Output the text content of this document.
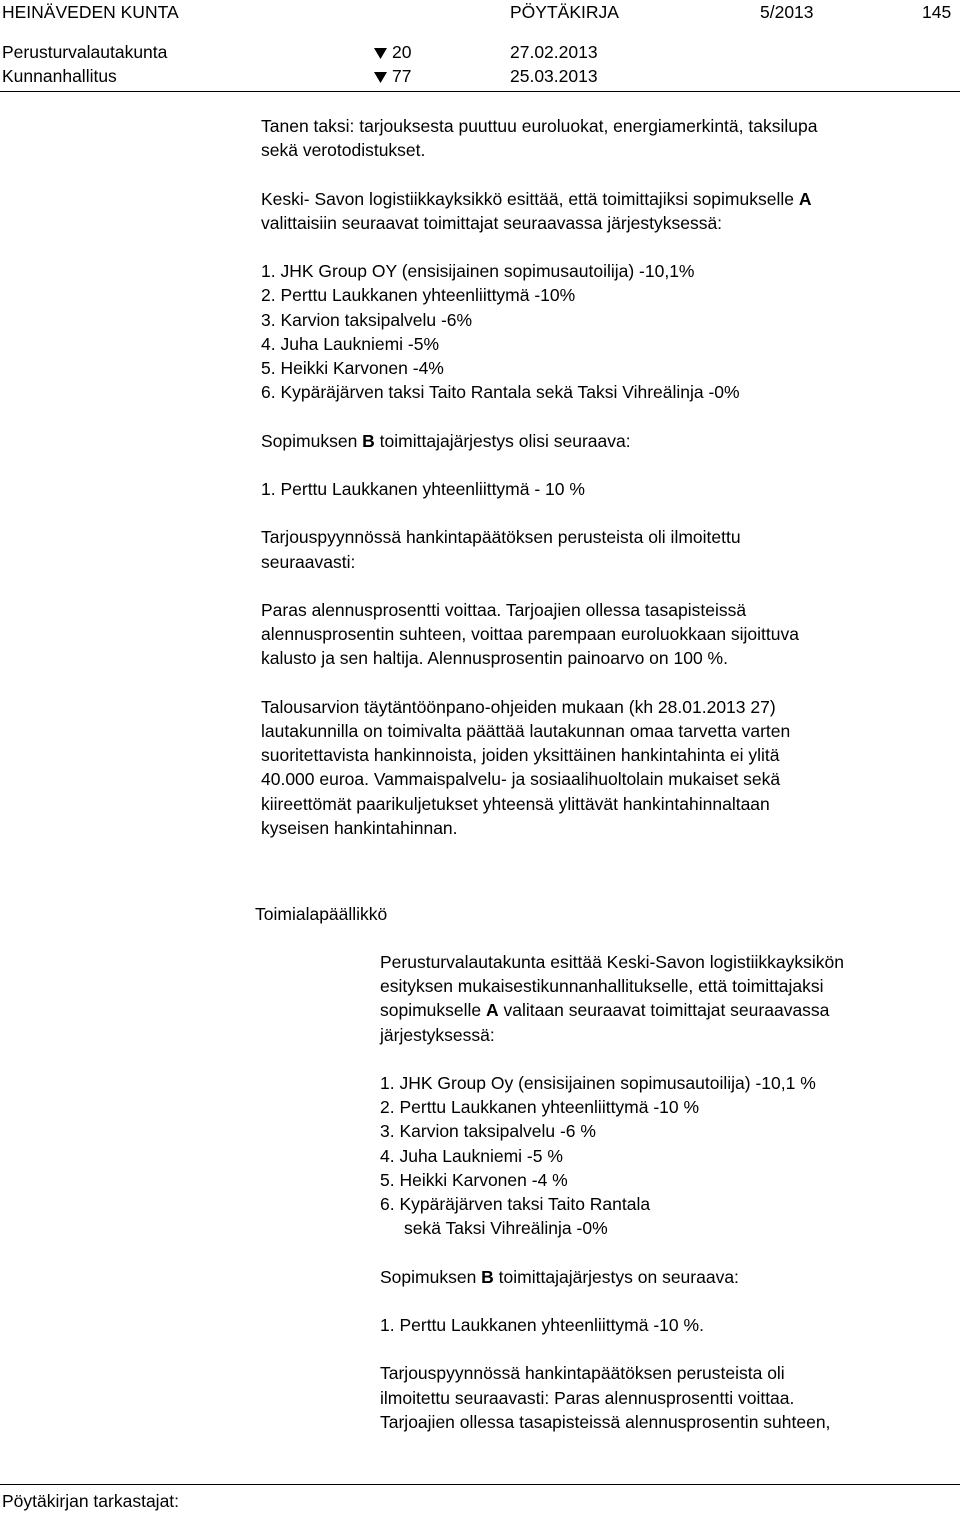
HEINÄVEDEN KUNTA	PÖYTÄKIRJA	5/2013	145
Perusturvalautakunta	20	27.02.2013
Kunnanhallitus	77	25.03.2013

Tanen taksi: tarjouksesta puuttuu euroluokat, energiamerkintä, taksilupa

sekä verotodistukset.

Keski- Savon logistiikkayksikkö esittää, että toimittajiksi sopimukselle A

valittaisiin seuraavat toimittajat seuraavassa järjestyksessä:

1. JHK Group OY (ensisijainen sopimusautoilija) -10,1%

2. Perttu Laukkanen yhteenliittymä -10%

3. Karvion taksipalvelu -6%

4. Juha Laukniemi -5%

5. Heikki Karvonen -4%

6. Kypäräjärven taksi Taito Rantala sekä Taksi Vihreälinja -0%

Sopimuksen B toimittajajärjestys olisi seuraava:

1. Perttu Laukkanen yhteenliittymä - 10 %

Tarjouspyynnössä hankintapäätöksen perusteista oli ilmoitettu

seuraavasti:

Paras alennusprosentti voittaa. Tarjoajien ollessa tasapisteissä

alennusprosentin suhteen, voittaa parempaan euroluokkaan sijoittuva

kalusto ja sen haltija. Alennusprosentin painoarvo on 100 %.

Talousarvion täytäntöönpano-ohjeiden mukaan (kh 28.01.2013 27)

lautakunnilla on toimivalta päättää lautakunnan omaa tarvetta varten

suoritettavista hankinnoista, joiden yksittäinen hankintahinta ei ylitä

40.000 euroa. Vammaispalvelu- ja sosiaalihuoltolain mukaiset sekä

kiireettömät paarikuljetukset yhteensä ylittävät hankintahinnaltaan

kyseisen hankintahinnan.

Toimialapäällikkö

Perusturvalautakunta esittää Keski-Savon logistiikkayksikön

esityksen mukaisestikunnanhallitukselle, että toimittajaksi

sopimukselle A valitaan seuraavat toimittajat seuraavassa

järjestyksessä:

1. JHK Group Oy (ensisijainen sopimusautoilija) -10,1 %

2. Perttu Laukkanen yhteenliittymä -10 %

3. Karvion taksipalvelu -6 %

4. Juha Laukniemi -5 %

5. Heikki Karvonen -4 %

6. Kypäräjärven taksi Taito Rantala

sekä Taksi Vihreälinja -0%

Sopimuksen B toimittajajärjestys on seuraava:

1. Perttu Laukkanen yhteenliittymä -10 %.

Tarjouspyynnössä hankintapäätöksen perusteista oli

ilmoitettu seuraavasti: Paras alennusprosentti voittaa.

Tarjoajien ollessa tasapisteissä alennusprosentin suhteen,

Pöytäkirjan tarkastajat:
